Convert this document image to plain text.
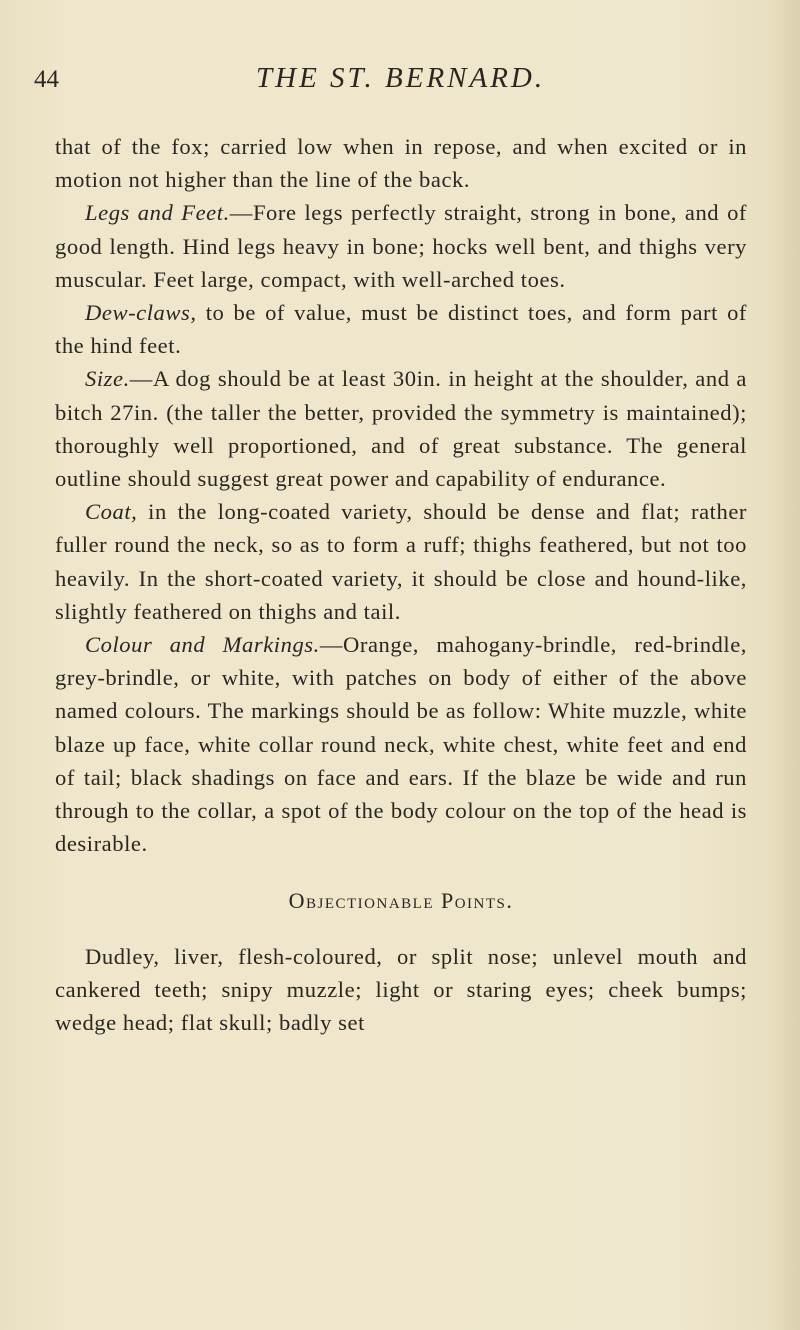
44	THE ST. BERNARD.

that of the fox; carried low when in repose, and when excited or in motion not higher than the line of the back.

Legs and Feet.—Fore legs perfectly straight, strong in bone, and of good length. Hind legs heavy in bone; hocks well bent, and thighs very muscular. Feet large, compact, with well-arched toes.

Dew-claws, to be of value, must be distinct toes, and form part of the hind feet.

Size.—A dog should be at least 30in. in height at the shoulder, and a bitch 27in. (the taller the better, provided the symmetry is maintained); thoroughly well proportioned, and of great substance. The general outline should suggest great power and capability of endurance.

Coat, in the long-coated variety, should be dense and flat; rather fuller round the neck, so as to form a ruff; thighs feathered, but not too heavily. In the short-coated variety, it should be close and hound-like, slightly feathered on thighs and tail.

Colour and Markings.—Orange, mahogany-brindle, red-brindle, grey-brindle, or white, with patches on body of either of the above named colours. The markings should be as follow: White muzzle, white blaze up face, white collar round neck, white chest, white feet and end of tail; black shadings on face and ears. If the blaze be wide and run through to the collar, a spot of the body colour on the top of the head is desirable.

Objectionable Points.

Dudley, liver, flesh-coloured, or split nose; unlevel mouth and cankered teeth; snipy muzzle; light or staring eyes; cheek bumps; wedge head; flat skull; badly set
